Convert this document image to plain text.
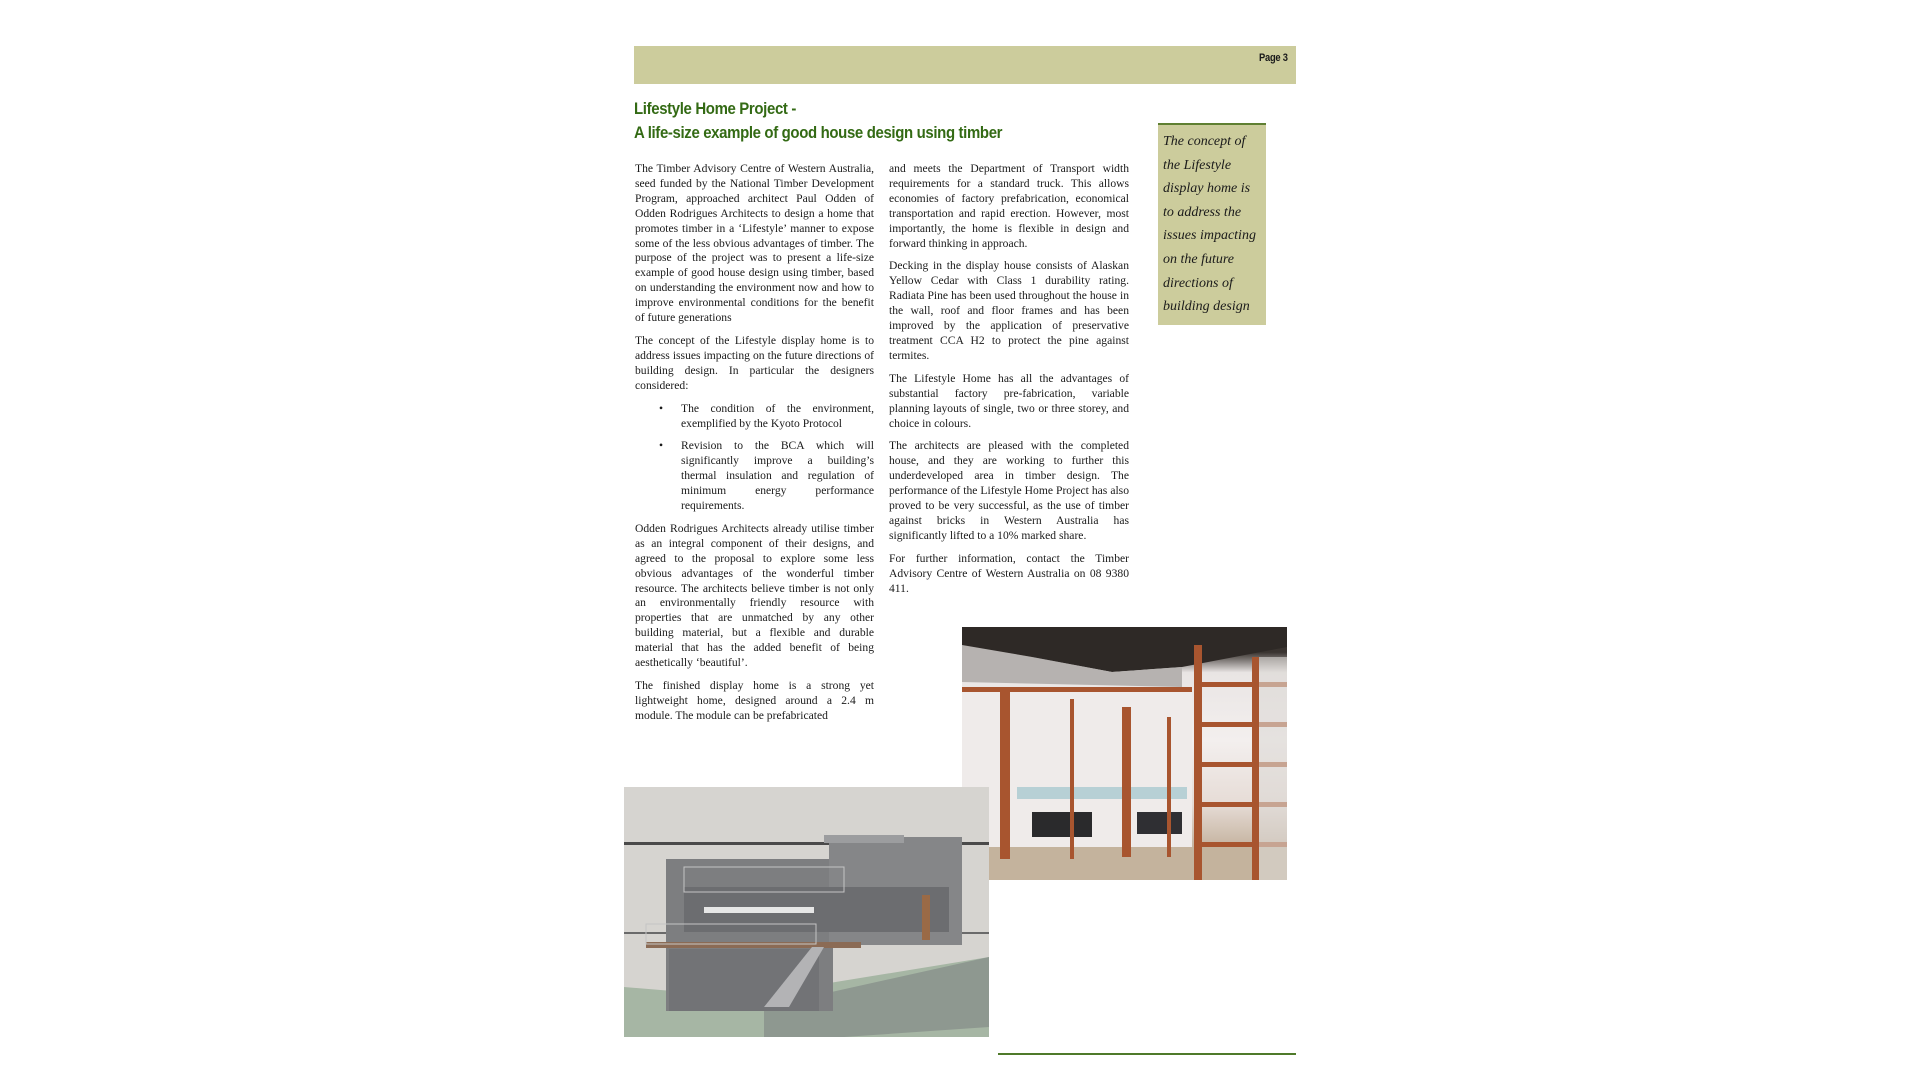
Page 3
Lifestyle Home Project -
A life-size example of good house design using timber

The Timber Advisory Centre of Western Australia, seed funded by the National Timber Development Program, approached architect Paul Odden of Odden Rodrigues Architects to design a home that promotes timber in a ‘Lifestyle’ manner to expose some of the less obvious advantages of timber. The purpose of the project was to present a life-size example of good house design using timber, based on understanding the environment now and how to improve environmental conditions for the benefit of future generations

The concept of the Lifestyle display home is to address issues impacting on the future directions of building design. In particular the designers considered:

• The condition of the environment, exemplified by the Kyoto Protocol
• Revision to the BCA which will significantly improve a building’s thermal insulation and regulation of minimum energy performance requirements.

Odden Rodrigues Architects already utilise timber as an integral component of their designs, and agreed to the proposal to explore some less obvious advantages of the wonderful timber resource. The architects believe timber is not only an environmentally friendly resource with properties that are unmatched by any other building material, but a flexible and durable material that has the added benefit of being aesthetically ‘beautiful’.

The finished display home is a strong yet lightweight home, designed around a 2.4 m module. The module can be prefabricated

and meets the Department of Transport width requirements for a standard truck. This allows economies of factory prefabrication, economical transportation and rapid erection. However, most importantly, the home is flexible in design and forward thinking in approach.

Decking in the display house consists of Alaskan Yellow Cedar with Class 1 durability rating. Radiata Pine has been used throughout the house in the wall, roof and floor frames and has been improved by the application of preservative treatment CCA H2 to protect the pine against termites.

The Lifestyle Home has all the advantages of substantial factory pre-fabrication, variable planning layouts of single, two or three storey, and choice in colours.

The architects are pleased with the completed house, and they are working to further this underdeveloped area in timber design. The performance of the Lifestyle Home Project has also proved to be very successful, as the use of timber against bricks in Western Australia has significantly lifted to a 10% marked share.

For further information, contact the Timber Advisory Centre of Western Australia on 08 9380 411.

The concept of the Lifestyle display home is to address the issues impacting on the future directions of building design
